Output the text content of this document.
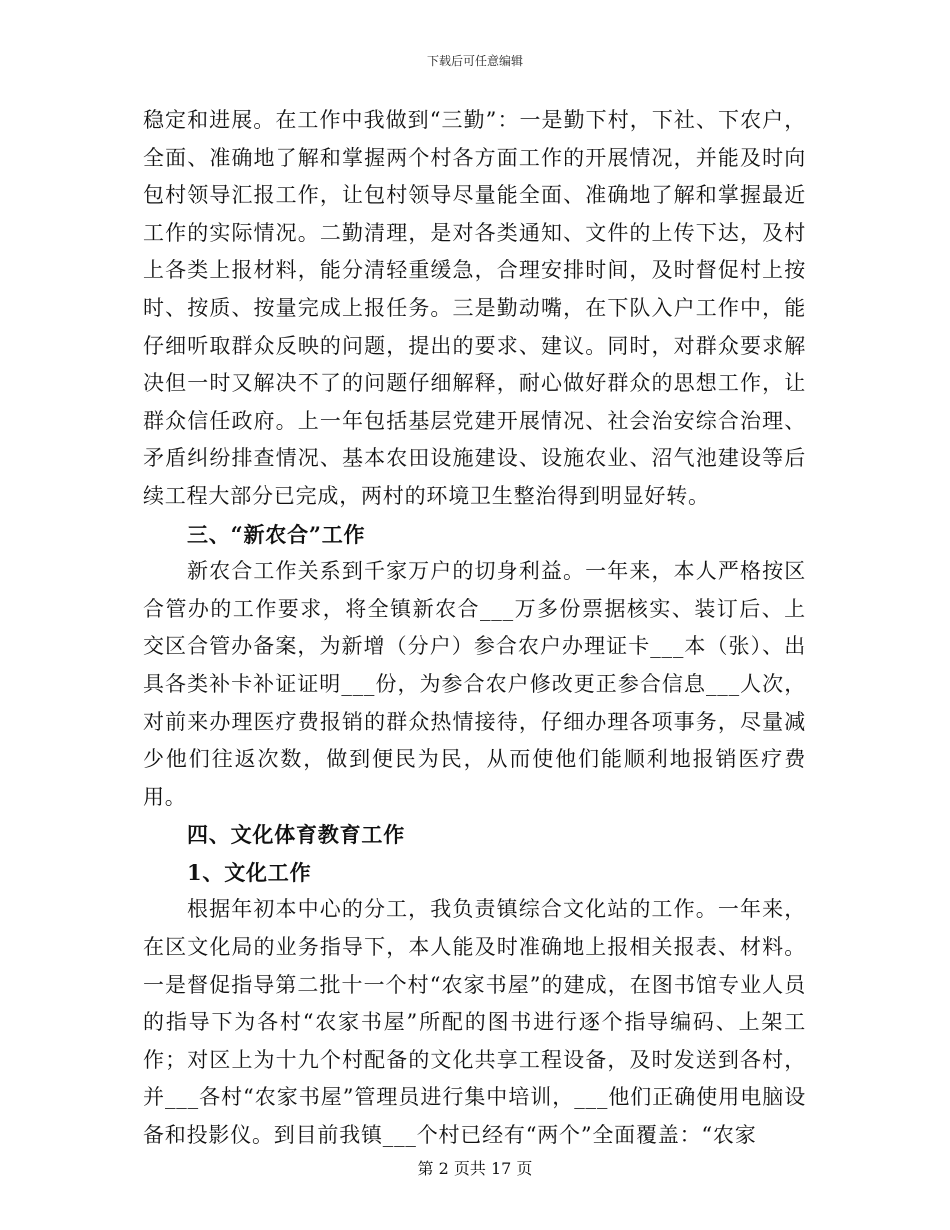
下载后可任意编辑

稳定和进展。在工作中我做到“三勤”：一是勤下村，下社、下农户，全面、准确地了解和掌握两个村各方面工作的开展情况，并能及时向包村领导汇报工作，让包村领导尽量能全面、准确地了解和掌握最近工作的实际情况。二勤清理，是对各类通知、文件的上传下达，及村上各类上报材料，能分清轻重缓急，合理安排时间，及时督促村上按时、按质、按量完成上报任务。三是勤动嘴，在下队入户工作中，能仔细听取群众反映的问题，提出的要求、建议。同时，对群众要求解决但一时又解决不了的问题仔细解释，耐心做好群众的思想工作，让群众信任政府。上一年包括基层党建开展情况、社会治安综合治理、矛盾纠纷排查情况、基本农田设施建设、设施农业、沼气池建设等后续工程大部分已完成，两村的环境卫生整治得到明显好转。

三、“新农合”工作

新农合工作关系到千家万户的切身利益。一年来，本人严格按区合管办的工作要求，将全镇新农合___万多份票据核实、装订后、上交区合管办备案，为新增（分户）参合农户办理证卡___本（张）、出具各类补卡补证证明___份，为参合农户修改更正参合信息___人次，对前来办理医疗费报销的群众热情接待，仔细办理各项事务，尽量减少他们往返次数，做到便民为民，从而使他们能顺利地报销医疗费用。

四、文化体育教育工作

1、文化工作

根据年初本中心的分工，我负责镇综合文化站的工作。一年来，在区文化局的业务指导下，本人能及时准确地上报相关报表、材料。一是督促指导第二批十一个村“农家书屋”的建成，在图书馆专业人员的指导下为各村“农家书屋”所配的图书进行逐个指导编码、上架工作；对区上为十九个村配备的文化共享工程设备，及时发送到各村，并___各村“农家书屋”管理员进行集中培训，___他们正确使用电脑设备和投影仪。到目前我镇___个村已经有“两个”全面覆盖：“农家

第 2 页共 17 页
